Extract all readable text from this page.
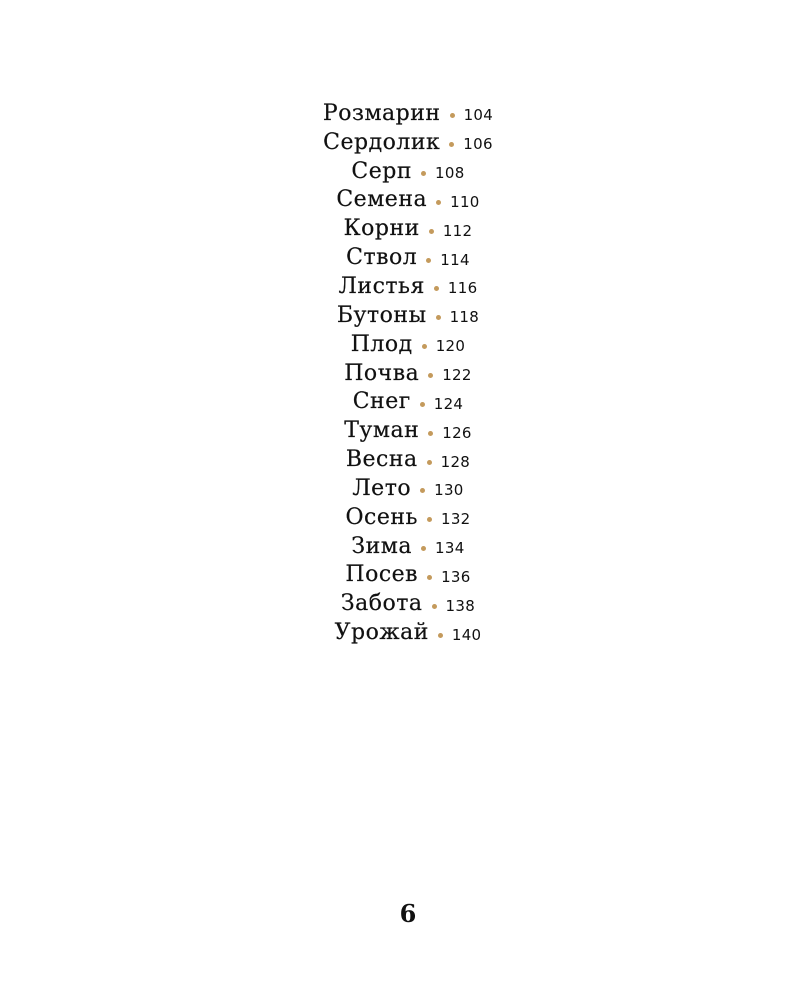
Розмарин 104
Сердолик 106
Серп 108
Семена 110
Корни 112
Ствол 114
Листья 116
Бутоны 118
Плод 120
Почва 122
Снег 124
Туман 126
Весна 128
Лето 130
Осень 132
Зима 134
Посев 136
Забота 138
Урожай 140
6
